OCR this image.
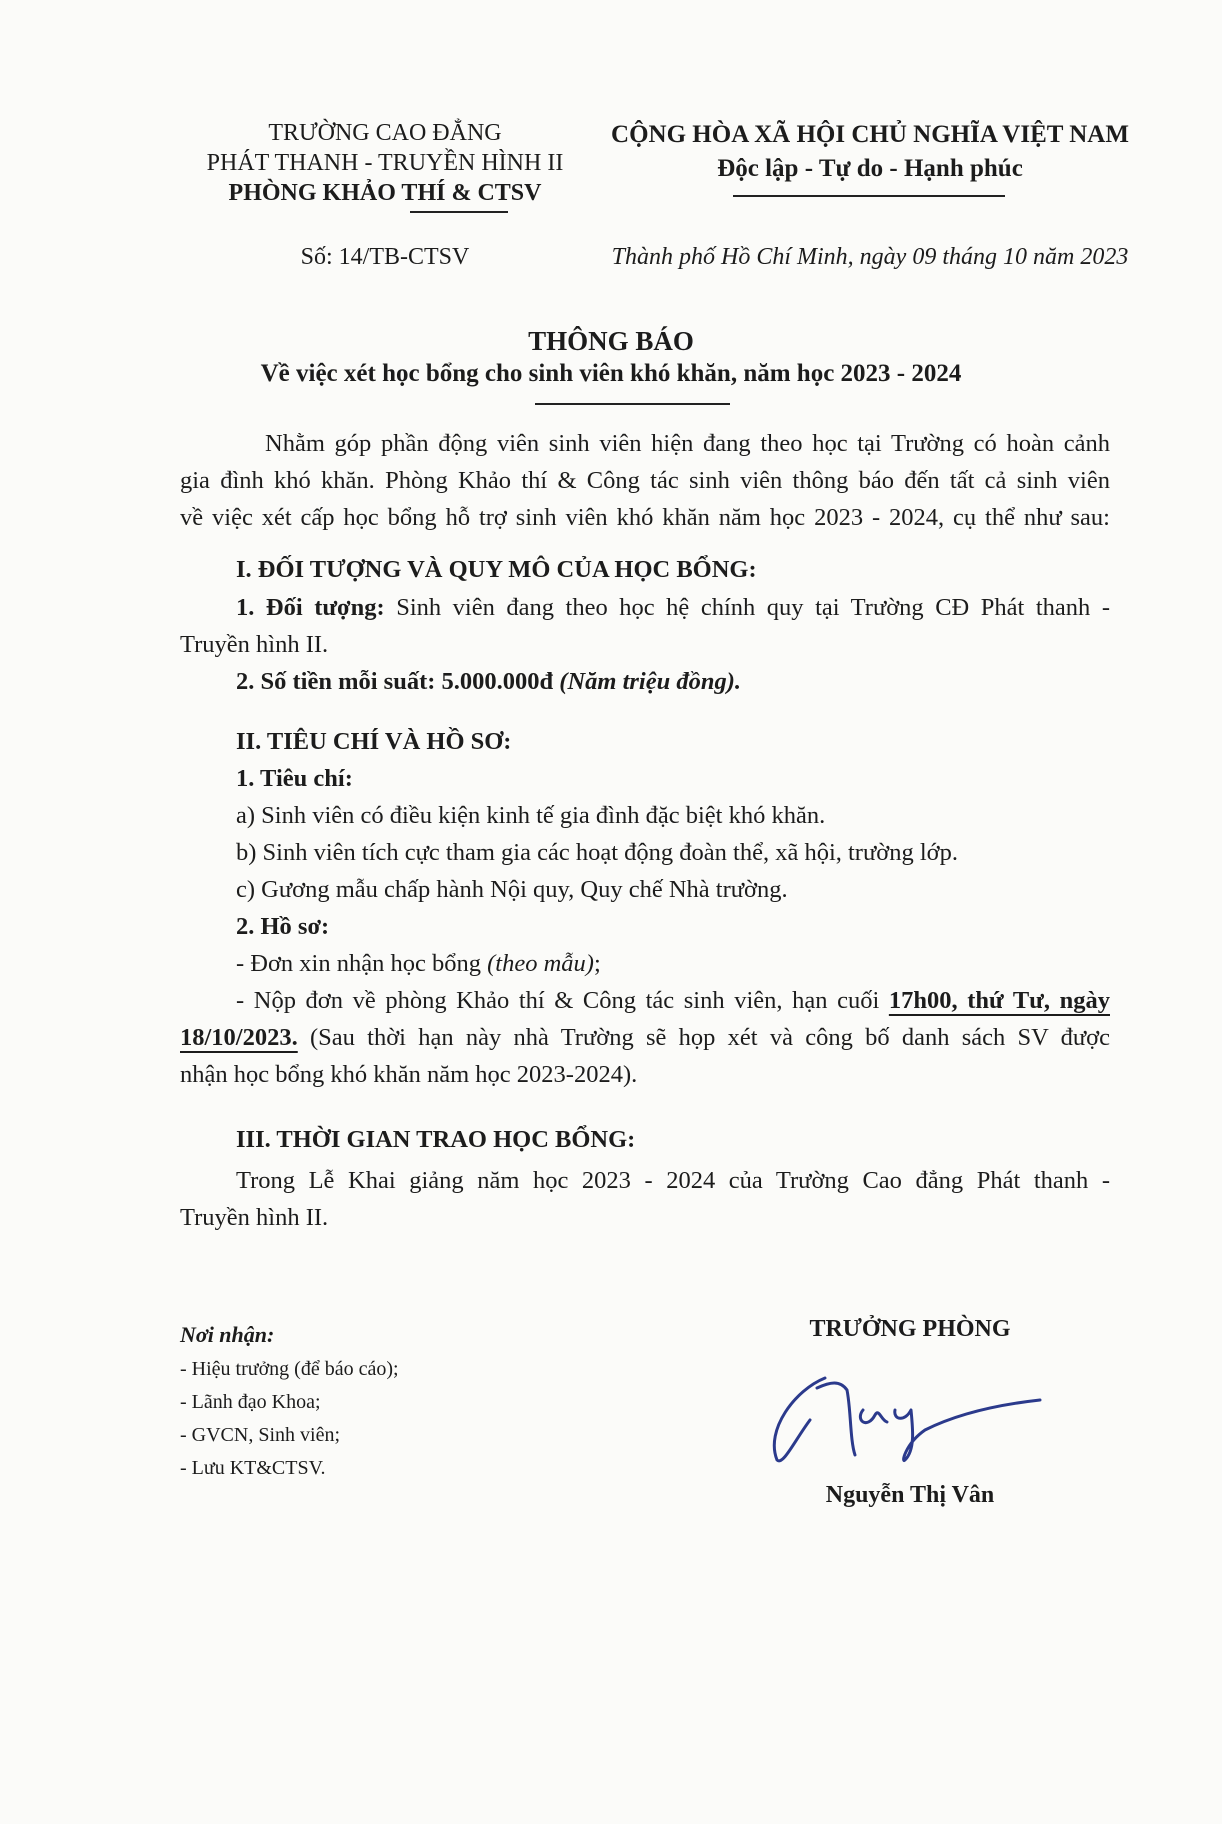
TRƯỜNG CAO ĐẲNG
PHÁT THANH - TRUYỀN HÌNH II
PHÒNG KHẢO THÍ & CTSV
CỘNG HÒA XÃ HỘI CHỦ NGHĨA VIỆT NAM
Độc lập - Tự do - Hạnh phúc
Số: 14/TB-CTSV	Thành phố Hồ Chí Minh, ngày 09 tháng 10 năm 2023
THÔNG BÁO
Về việc xét học bổng cho sinh viên khó khăn, năm học 2023 - 2024
Nhằm góp phần động viên sinh viên hiện đang theo học tại Trường có hoàn cảnh
gia đình khó khăn. Phòng Khảo thí & Công tác sinh viên thông báo đến tất cả sinh viên
về việc xét cấp học bổng hỗ trợ sinh viên khó khăn năm học 2023 - 2024, cụ thể như sau:
I. ĐỐI TƯỢNG VÀ QUY MÔ CỦA HỌC BỔNG:
1. Đối tượng: Sinh viên đang theo học hệ chính quy tại Trường CĐ Phát thanh -
Truyền hình II.
2. Số tiền mỗi suất: 5.000.000đ (Năm triệu đồng).
II. TIÊU CHÍ VÀ HỒ SƠ:
1. Tiêu chí:
a) Sinh viên có điều kiện kinh tế gia đình đặc biệt khó khăn.
b) Sinh viên tích cực tham gia các hoạt động đoàn thể, xã hội, trường lớp.
c) Gương mẫu chấp hành Nội quy, Quy chế Nhà trường.
2. Hồ sơ:
- Đơn xin nhận học bổng (theo mẫu);
- Nộp đơn về phòng Khảo thí & Công tác sinh viên, hạn cuối 17h00, thứ Tư, ngày
18/10/2023. (Sau thời hạn này nhà Trường sẽ họp xét và công bố danh sách SV được
nhận học bổng khó khăn năm học 2023-2024).
III. THỜI GIAN TRAO HỌC BỔNG:
Trong Lễ Khai giảng năm học 2023 - 2024 của Trường Cao đẳng Phát thanh -
Truyền hình II.
Nơi nhận:
- Hiệu trưởng (để báo cáo);
- Lãnh đạo Khoa;
- GVCN, Sinh viên;
- Lưu KT&CTSV.
TRƯỞNG PHÒNG
Nguyễn Thị Vân
